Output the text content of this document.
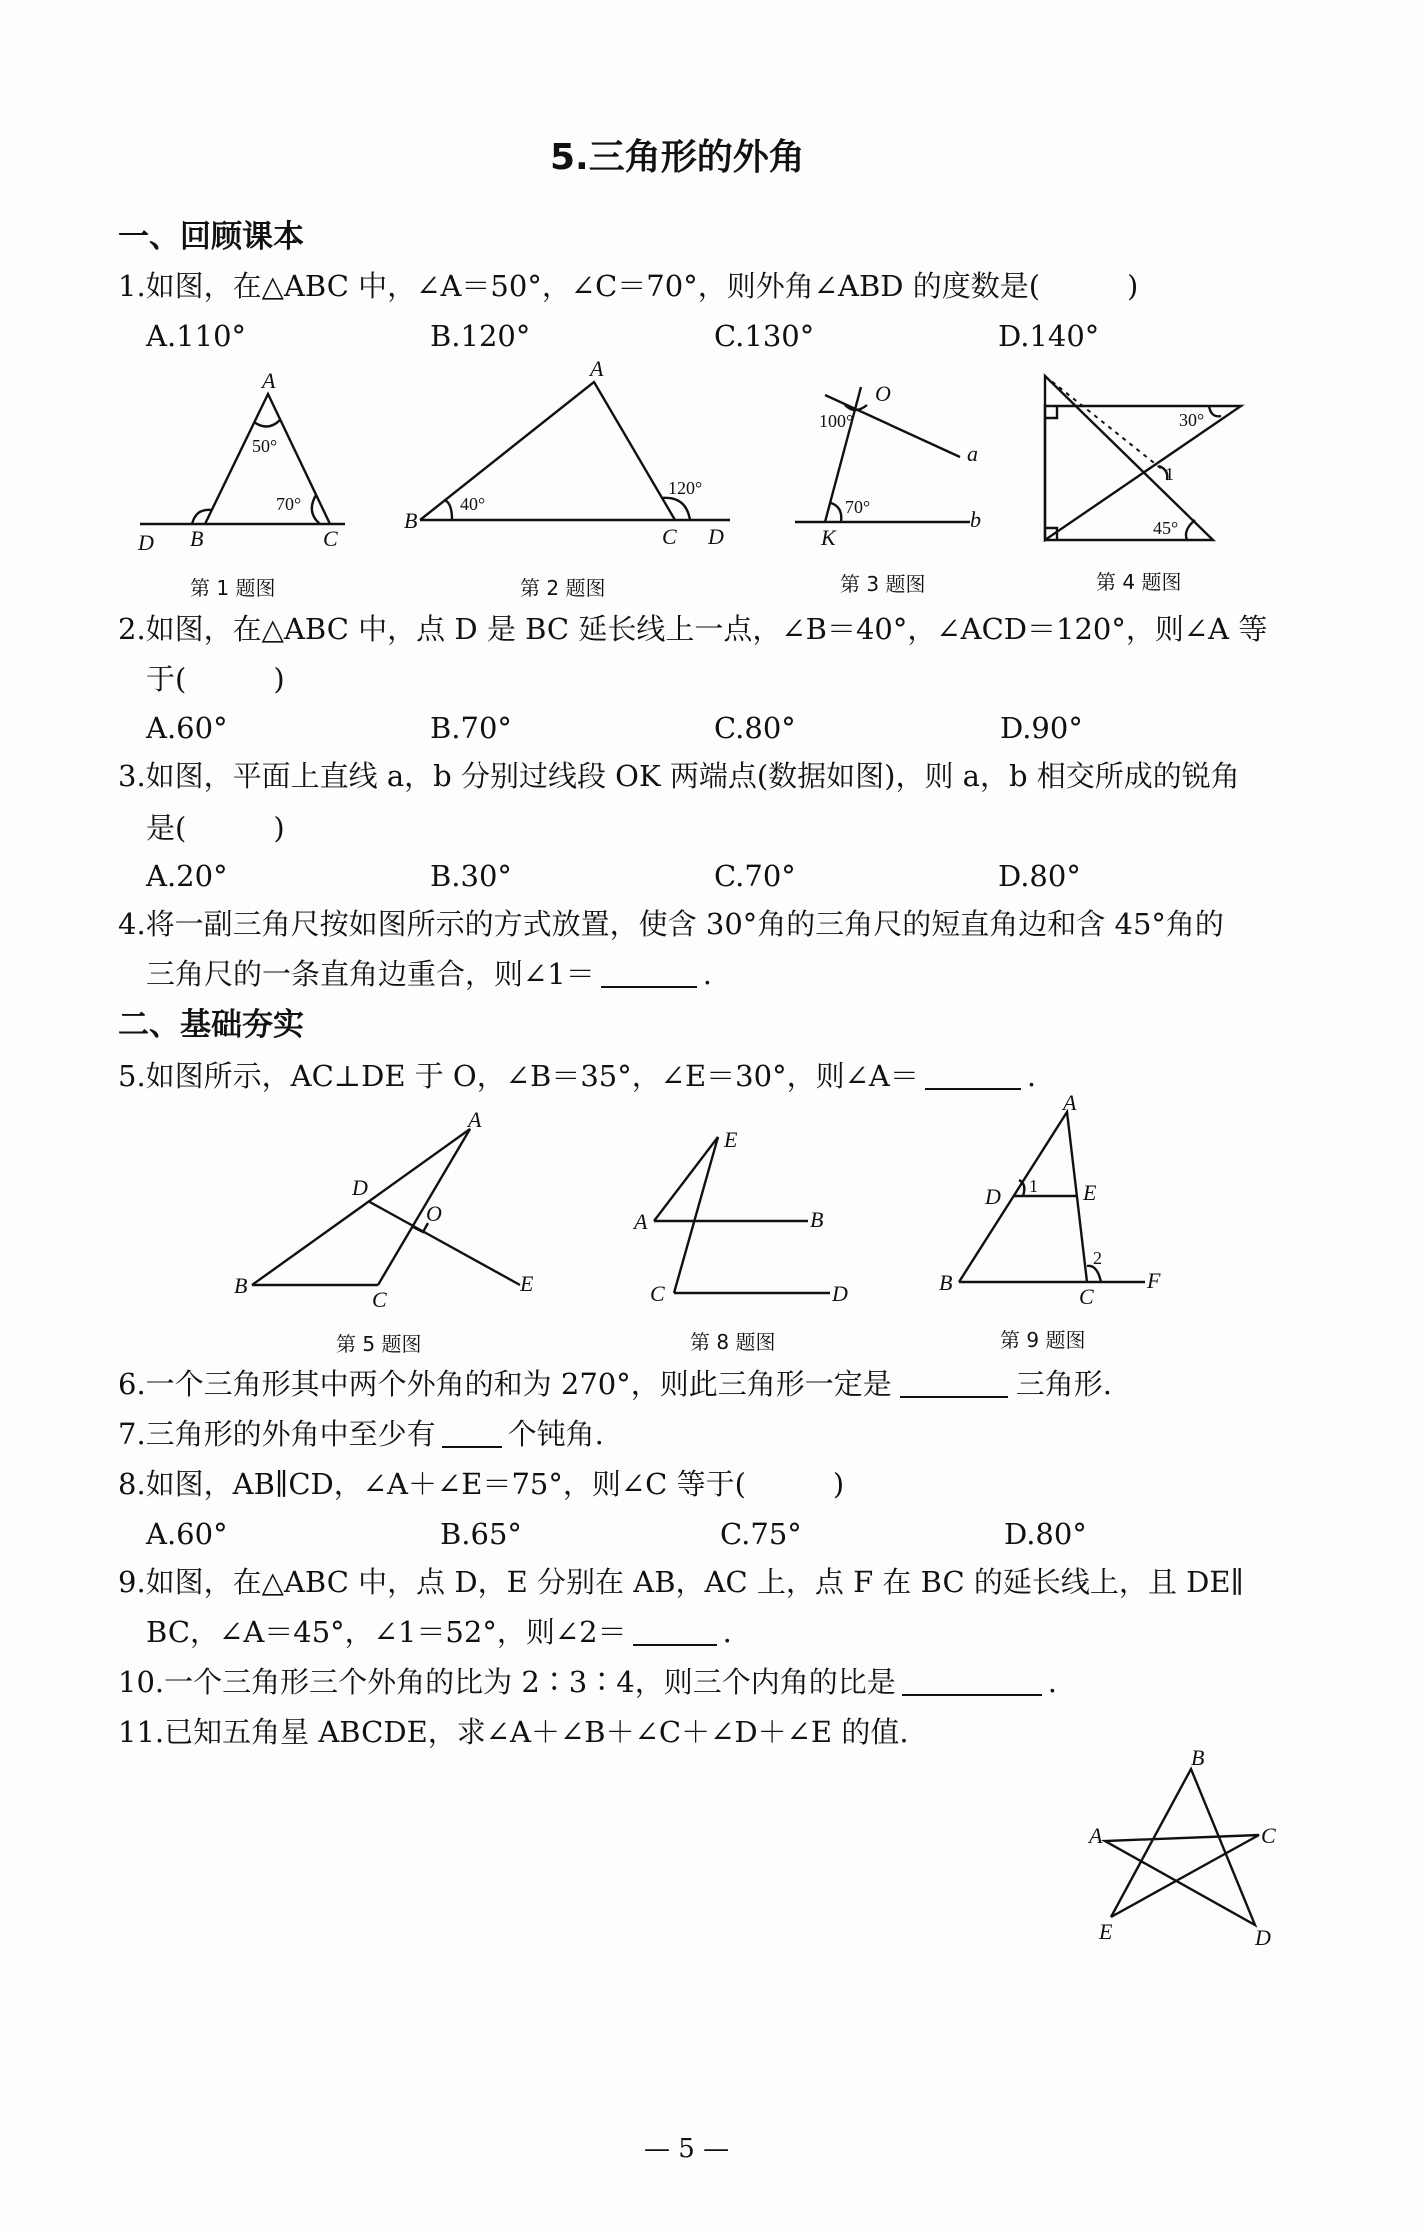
5.三角形的外角
一、回顾课本
1.如图，在△ABC 中，∠A＝50°，∠C＝70°，则外角∠ABD 的度数是(　　　)
A.110°	B.120°	C.130°	D.140°
A
B	C
D
50°
70°
第 1 题图
A
B
C D
40°
120°
第 2 题图
O
K
a
b
100°
70°
第 3 题图
30°
45°
1
第 4 题图
2.如图，在△ABC 中，点 D 是 BC 延长线上一点，∠B＝40°，∠ACD＝120°，则∠A 等
于(　　　)
A.60°	B.70°	C.80°	D.90°
3.如图，平面上直线 a，b 分别过线段 OK 两端点(数据如图)，则 a，b 相交所成的锐角
是(　　　)
A.20°	B.30°	C.70°	D.80°
4.将一副三角尺按如图所示的方式放置，使含 30°角的三角尺的短直角边和含 45°角的
三角尺的一条直角边重合，则∠1＝	.
二、基础夯实
5.如图所示，AC⊥DE 于 O，∠B＝35°，∠E＝30°，则∠A＝	.
A
B
C
D
E
O
第 5 题图
E
A	B
C	D
第 8 题图
A
B
C
D	E
F
1
2
第 9 题图
6.一个三角形其中两个外角的和为 270°，则此三角形一定是	三角形.
7.三角形的外角中至少有 个钝角.
8.如图，AB∥CD，∠A＋∠E＝75°，则∠C 等于(　　　)
A.60°	B.65°	C.75°	D.80°
9.如图，在△ABC 中，点 D，E 分别在 AB，AC 上，点 F 在 BC 的延长线上，且 DE∥
BC，∠A＝45°，∠1＝52°，则∠2＝	.
10.一个三角形三个外角的比为 2∶3∶4，则三个内角的比是	.
11.已知五角星 ABCDE，求∠A＋∠B＋∠C＋∠D＋∠E 的值.
B
A	C
D
E
— 5 —
